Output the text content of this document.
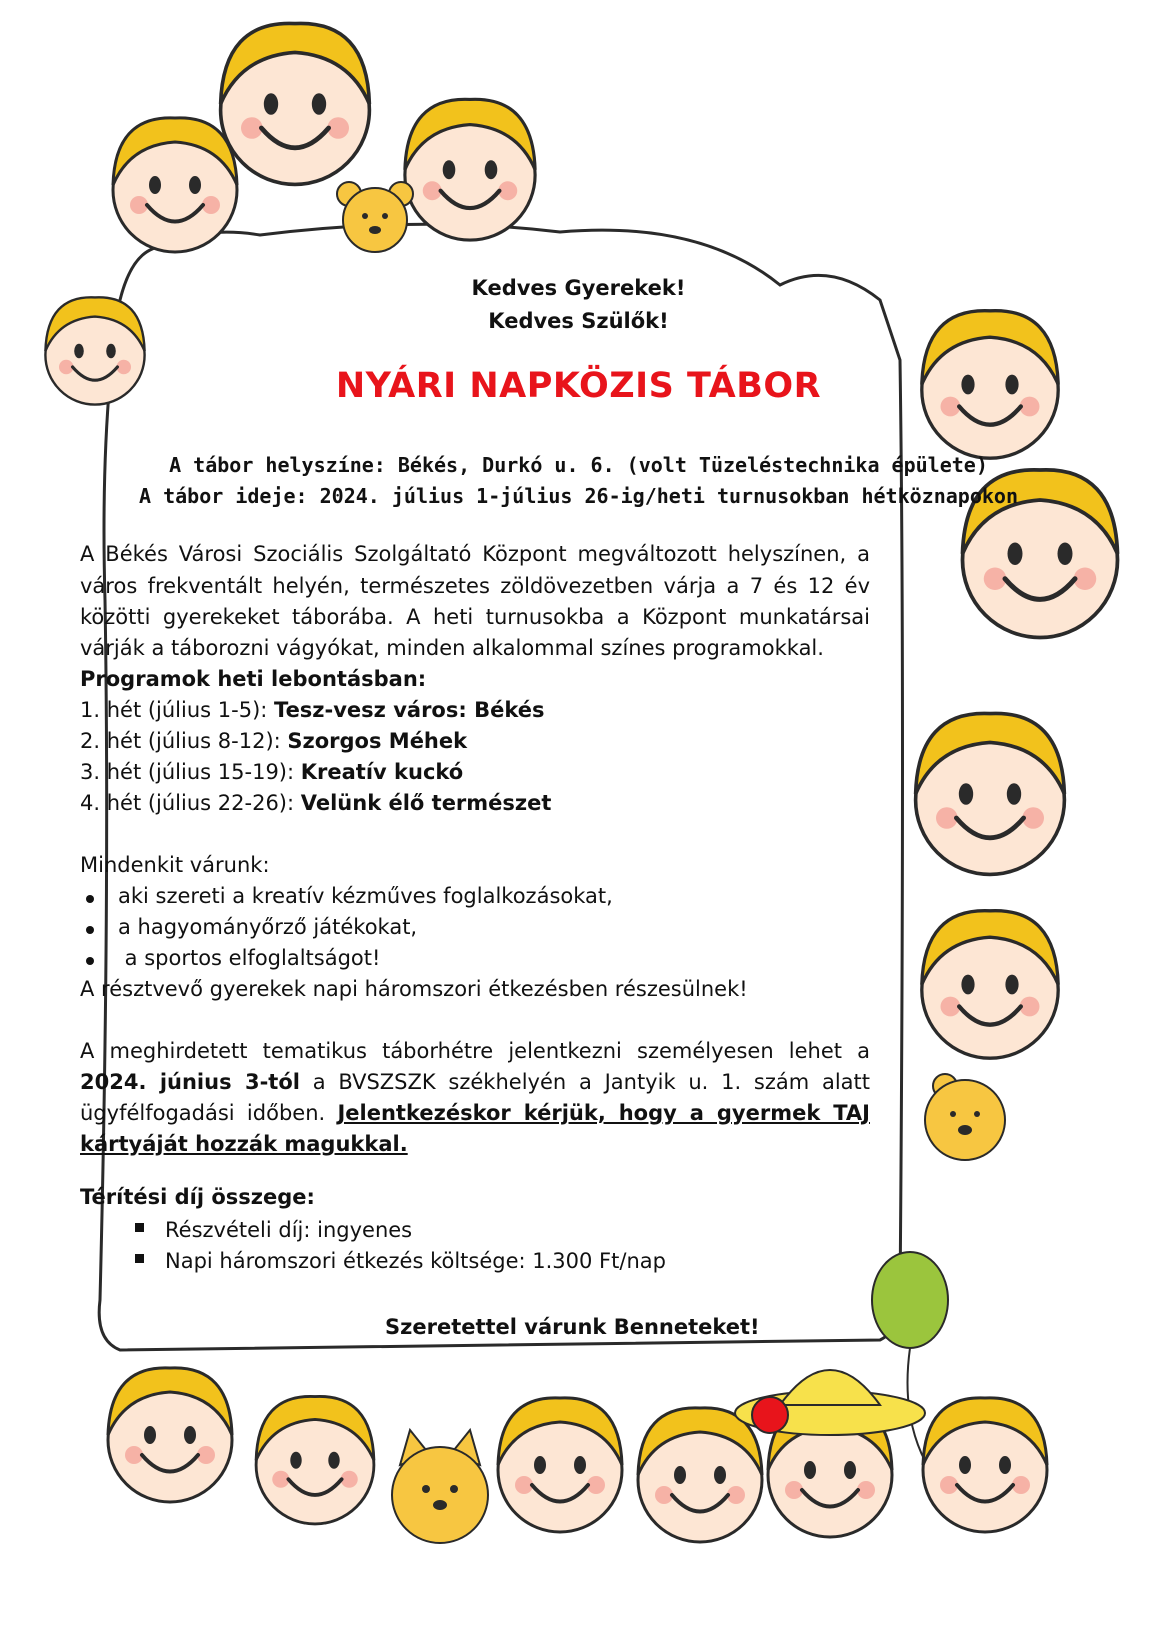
Kedves Gyerekek!
Kedves Szülők!
NYÁRI NAPKÖZIS TÁBOR
A tábor helyszíne: Békés, Durkó u. 6. (volt Tüzeléstechnika épülete)
A tábor ideje: 2024. július 1-július 26-ig/heti turnusokban hétköznapokon
A Békés Városi Szociális Szolgáltató Központ megváltozott helyszínen, a
város frekventált helyén, természetes zöldövezetben várja a 7 és 12 év
közötti gyerekeket táborába. A heti turnusokba a Központ munkatársai
várják a táborozni vágyókat, minden alkalommal színes programokkal.
Programok heti lebontásban:
1. hét (július 1-5): Tesz-vesz város: Békés
2. hét (július 8-12): Szorgos Méhek
3. hét (július 15-19): Kreatív kuckó
4. hét (július 22-26): Velünk élő természet
Mindenkit várunk:
aki szereti a kreatív kézműves foglalkozásokat,
a hagyományőrző játékokat,
a sportos elfoglaltságot!
A résztvevő gyerekek napi háromszori étkezésben részesülnek!
A meghirdetett tematikus táborhétre jelentkezni személyesen lehet a
2024. június 3-tól a BVSZSZK székhelyén a Jantyik u. 1. szám alatt
ügyfélfogadási időben. Jelentkezéskor kérjük, hogy a gyermek TAJ
kártyáját hozzák magukkal.
Térítési díj összege:
Részvételi díj: ingyenes
Napi háromszori étkezés költsége: 1.300 Ft/nap
Szeretettel várunk Benneteket!
